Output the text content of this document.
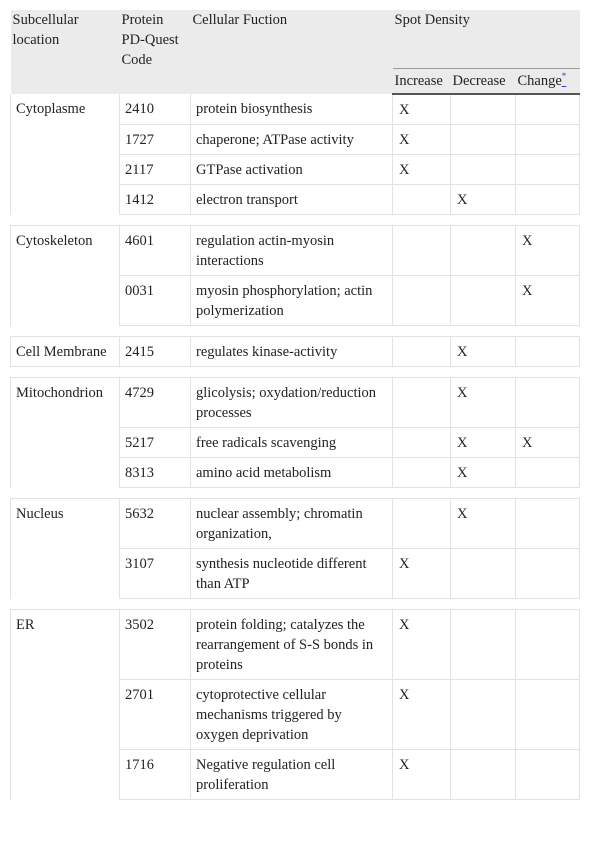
Subcellular location	Protein PD-Quest Code	Cellular Fuction	Spot Density		
			Increase	Decrease	Change*
Cytoplasme	2410	protein biosynthesis	X		
	1727	chaperone; ATPase activity	X		
	2117	GTPase activation	X		
	1412	electron transport		X	

Cytoskeleton	4601	regulation actin-myosin interactions			X
	0031	myosin phosphorylation; actin polymerization			X

Cell Membrane	2415	regulates kinase-activity		X	

Mitochondrion	4729	glicolysis; oxydation/reduction processes		X	
	5217	free radicals scavenging		X	X
	8313	amino acid metabolism		X	

Nucleus	5632	nuclear assembly; chromatin organization,		X	
	3107	synthesis nucleotide different than ATP	X		

ER	3502	protein folding; catalyzes the rearrangement of S-S bonds in proteins	X		
	2701	cytoprotective cellular mechanisms triggered by oxygen deprivation	X		
	1716	Negative regulation cell proliferation	X		
